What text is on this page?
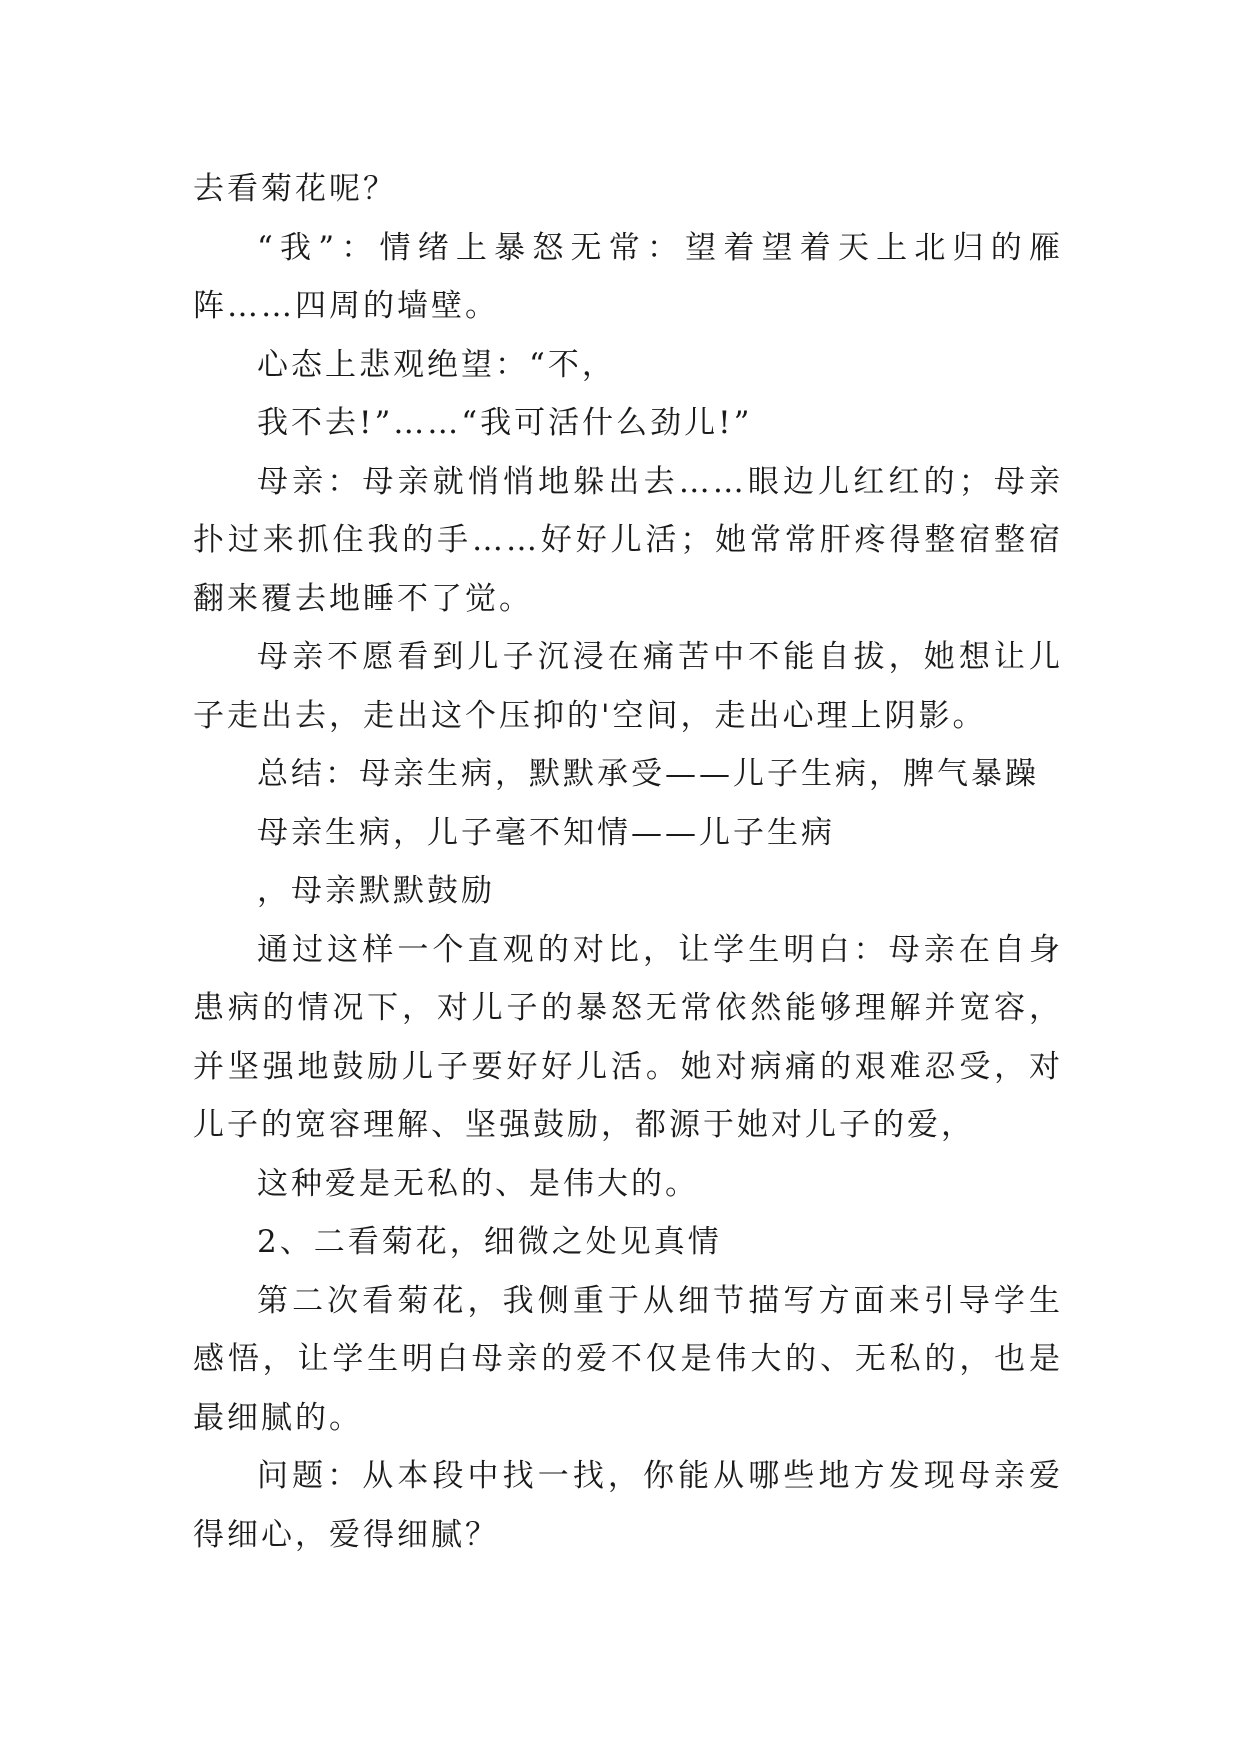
去看菊花呢？

“我”：情绪上暴怒无常：望着望着天上北归的雁阵……四周的墙壁。

心态上悲观绝望：“不，

我不去!”……“我可活什么劲儿!”

母亲：母亲就悄悄地躲出去……眼边儿红红的；母亲扑过来抓住我的手……好好儿活；她常常肝疼得整宿整宿翻来覆去地睡不了觉。

母亲不愿看到儿子沉浸在痛苦中不能自拔，她想让儿子走出去，走出这个压抑的'空间，走出心理上阴影。

总结：母亲生病，默默承受——儿子生病，脾气暴躁

母亲生病，儿子毫不知情——儿子生病

，母亲默默鼓励

通过这样一个直观的对比，让学生明白：母亲在自身患病的情况下，对儿子的暴怒无常依然能够理解并宽容，并坚强地鼓励儿子要好好儿活。她对病痛的艰难忍受，对儿子的宽容理解、坚强鼓励，都源于她对儿子的爱，

这种爱是无私的、是伟大的。

2、二看菊花，细微之处见真情

第二次看菊花，我侧重于从细节描写方面来引导学生感悟，让学生明白母亲的爱不仅是伟大的、无私的，也是最细腻的。

问题：从本段中找一找，你能从哪些地方发现母亲爱得细心，爱得细腻？
